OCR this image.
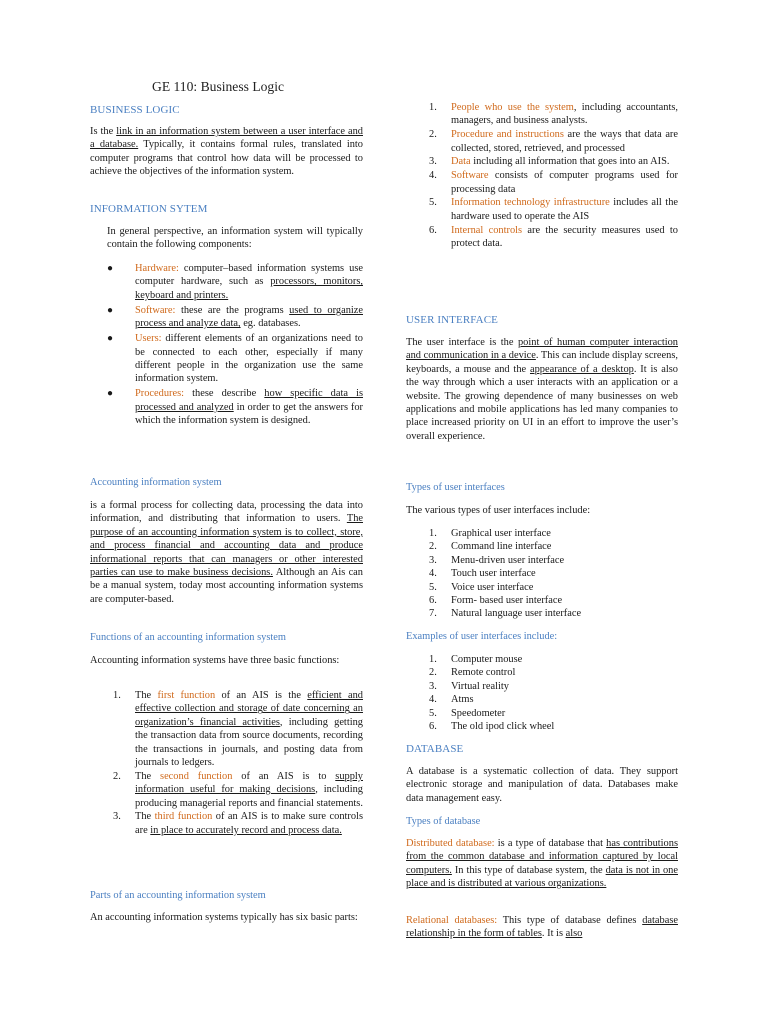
GE 110: Business Logic
BUSINESS LOGIC
Is the link in an information system between a user interface and a database. Typically, it contains formal rules, translated into computer programs that control how data will be processed to achieve the objectives of the information system.
INFORMATION SYTEM
In general perspective, an information system will typically contain the following components:
● Hardware: computer–based information systems use computer hardware, such as processors, monitors, keyboard and printers.
● Software: these are the programs used to organize process and analyze data, eg. databases.
● Users: different elements of an organizations need to be connected to each other, especially if many different people in the organization use the same information system.
● Procedures: these describe how specific data is processed and analyzed in order to get the answers for which the information system is designed.
Accounting information system
is a formal process for collecting data, processing the data into information, and distributing that information to users. The purpose of an accounting information system is to collect, store, and process financial and accounting data and produce informational reports that can managers or other interested parties can use to make business decisions. Although an Ais can be a manual system, today most accounting information systems are computer-based.
Functions of an accounting information system
Accounting information systems have three basic functions:
1. The first function of an AIS is the efficient and effective collection and storage of date concerning an organization’s financial activities, including getting the transaction data from source documents, recording the transactions in journals, and posting data from journals to ledgers.
2. The second function of an AIS is to supply information useful for making decisions, including producing managerial reports and financial statements.
3. The third function of an AIS is to make sure controls are in place to accurately record and process data.
Parts of an accounting information system
An accounting information systems typically has six basic parts:
1. People who use the system, including accountants, managers, and business analysts.
2. Procedure and instructions are the ways that data are collected, stored, retrieved, and processed
3. Data including all information that goes into an AIS.
4. Software consists of computer programs used for processing data
5. Information technology infrastructure includes all the hardware used to operate the AIS
6. Internal controls are the security measures used to protect data.
USER INTERFACE
The user interface is the point of human computer interaction and communication in a device. This can include display screens, keyboards, a mouse and the appearance of a desktop. It is also the way through which a user interacts with an application or a website. The growing dependence of many businesses on web applications and mobile applications has led many companies to place increased priority on UI in an effort to improve the user’s overall experience.
Types of user interfaces
The various types of user interfaces include:
1. Graphical user interface
2. Command line interface
3. Menu-driven user interface
4. Touch user interface
5. Voice user interface
6. Form- based user interface
7. Natural language user interface
Examples of user interfaces include:
1. Computer mouse
2. Remote control
3. Virtual reality
4. Atms
5. Speedometer
6. The old ipod click wheel
DATABASE
A database is a systematic collection of data. They support electronic storage and manipulation of data. Databases make data management easy.
Types of database
Distributed database: is a type of database that has contributions from the common database and information captured by local computers. In this type of database system, the data is not in one place and is distributed at various organizations.
Relational databases: This type of database defines database relationship in the form of tables. It is also
